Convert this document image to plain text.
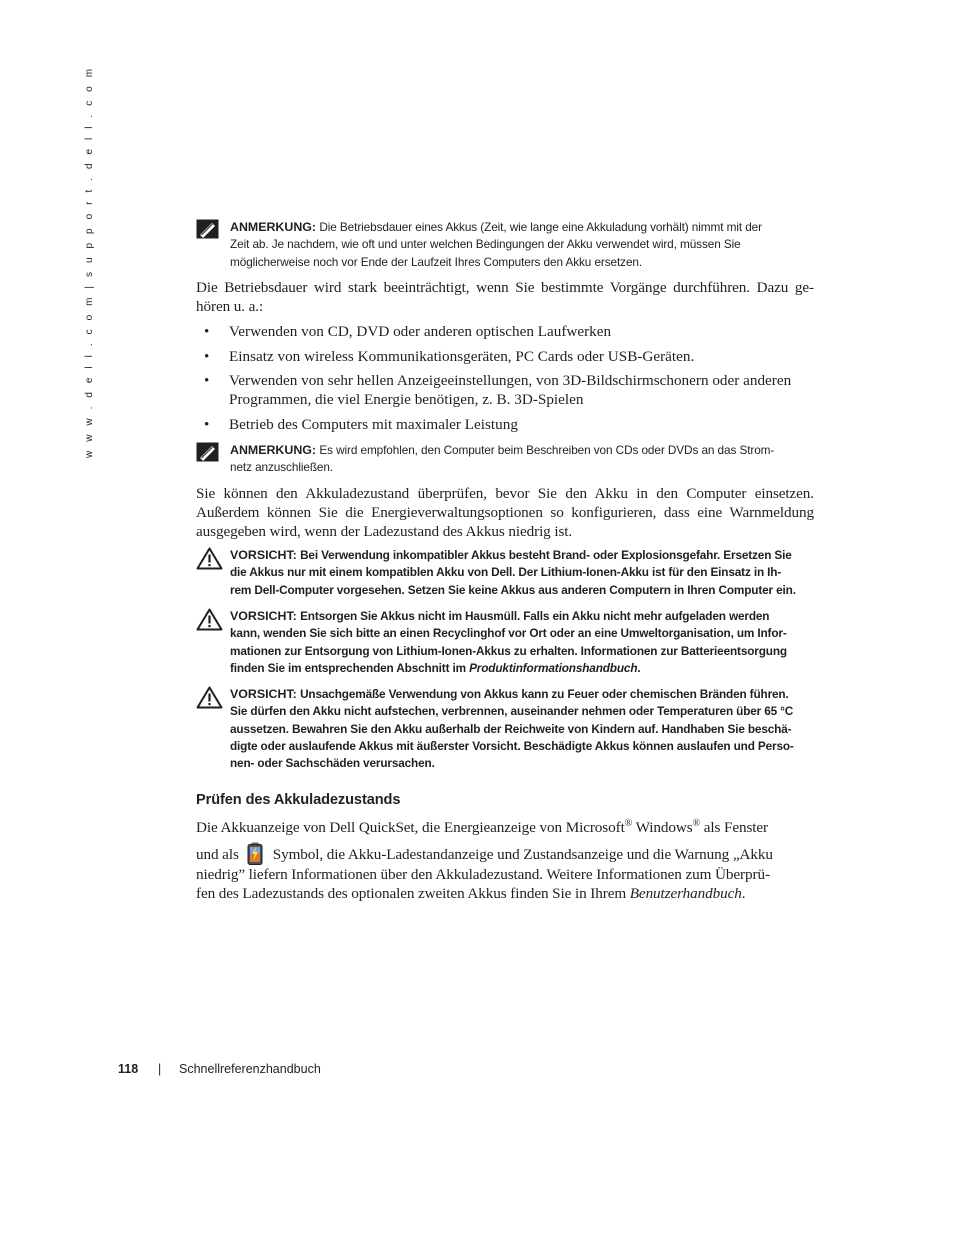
w w w . d e l l . c o m | s u p p o r t . d e l l . c o m	ANMERKUNG: Die Betriebsdauer eines Akkus (Zeit, wie lange eine Akkuladung vorhält) nimmt mit der
Zeit ab. Je nachdem, wie oft und unter welchen Bedingungen der Akku verwendet wird, müssen Sie
möglicherweise noch vor Ende der Laufzeit Ihres Computers den Akku ersetzen.
Die Betriebsdauer wird stark beeinträchtigt, wenn Sie bestimmte Vorgänge durchführen. Dazu ge-hören u. a.:
• Verwenden von CD, DVD oder anderen optischen Laufwerken
• Einsatz von wireless Kommunikationsgeräten, PC Cards oder USB-Geräten.
• Verwenden von sehr hellen Anzeigeeinstellungen, von 3D-Bildschirmschonern oder anderen Programmen, die viel Energie benötigen, z. B. 3D-Spielen
• Betrieb des Computers mit maximaler Leistung
ANMERKUNG: Es wird empfohlen, den Computer beim Beschreiben von CDs oder DVDs an das Strom-
netz anzuschließen.
Sie können den Akkuladezustand überprüfen, bevor Sie den Akku in den Computer einsetzen. Außerdem können Sie die Energieverwaltungsoptionen so konfigurieren, dass eine Warnmeldung ausgegeben wird, wenn der Ladezustand des Akkus niedrig ist.
VORSICHT: Bei Verwendung inkompatibler Akkus besteht Brand- oder Explosionsgefahr. Ersetzen Sie
die Akkus nur mit einem kompatiblen Akku von Dell. Der Lithium-Ionen-Akku ist für den Einsatz in Ih-
rem Dell-Computer vorgesehen. Setzen Sie keine Akkus aus anderen Computern in Ihren Computer ein.
VORSICHT: Entsorgen Sie Akkus nicht im Hausmüll. Falls ein Akku nicht mehr aufgeladen werden
kann, wenden Sie sich bitte an einen Recyclinghof vor Ort oder an eine Umweltorganisation, um Infor-
mationen zur Entsorgung von Lithium-Ionen-Akkus zu erhalten. Informationen zur Batterieentsorgung
finden Sie im entsprechenden Abschnitt im Produktinformationshandbuch.
VORSICHT: Unsachgemäße Verwendung von Akkus kann zu Feuer oder chemischen Bränden führen.
Sie dürfen den Akku nicht aufstechen, verbrennen, auseinander nehmen oder Temperaturen über 65 °C
aussetzen. Bewahren Sie den Akku außerhalb der Reichweite von Kindern auf. Handhaben Sie beschä-
digte oder auslaufende Akkus mit äußerster Vorsicht. Beschädigte Akkus können auslaufen und Perso-
nen- oder Sachschäden verursachen.
Prüfen des Akkuladezustands
Die Akkuanzeige von Dell QuickSet, die Energieanzeige von Microsoft® Windows® als Fenster
und als Symbol, die Akku-Ladestandanzeige und Zustandsanzeige und die Warnung „Akku
niedrig” liefern Informationen über den Akkuladezustand. Weitere Informationen zum Überprü-
fen des Ladezustands des optionalen zweiten Akkus finden Sie in Ihrem Benutzerhandbuch.
118 | Schnellreferenzhandbuch
